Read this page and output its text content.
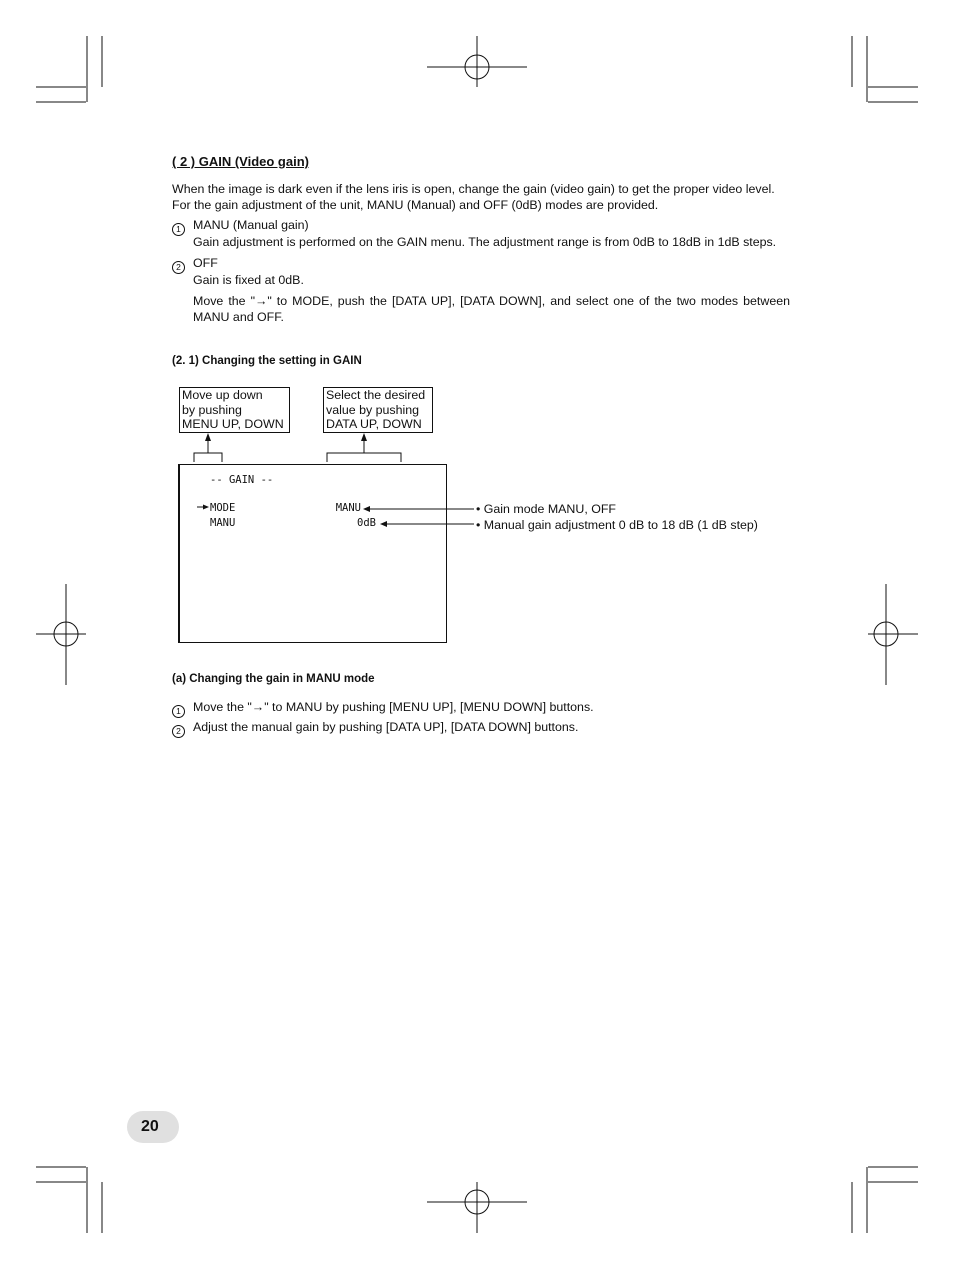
( 2 ) GAIN (Video gain)
When the image is dark even if the lens iris is open, change the gain (video gain) to get the proper video level.
For the gain adjustment of the unit, MANU (Manual) and OFF (0dB) modes are provided.
1 MANU (Manual gain)
Gain adjustment is performed on the GAIN menu. The adjustment range is from 0dB to 18dB in 1dB steps.
2 OFF
Gain is fixed at 0dB.
Move the "→" to MODE, push the [DATA UP], [DATA DOWN], and select one of the two modes between MANU and OFF.
(2. 1) Changing the setting in GAIN
Move up down
by pushing
MENU UP, DOWN
Select the desired
value by pushing
DATA UP, DOWN
-- GAIN --
MODE	MANU
MANU	0dB
• Gain mode MANU, OFF
• Manual gain adjustment 0 dB to 18 dB (1 dB step)
(a) Changing the gain in MANU mode
1 Move the "→" to MANU by pushing [MENU UP], [MENU DOWN] buttons.
2 Adjust the manual gain by pushing [DATA UP], [DATA DOWN] buttons.
20
